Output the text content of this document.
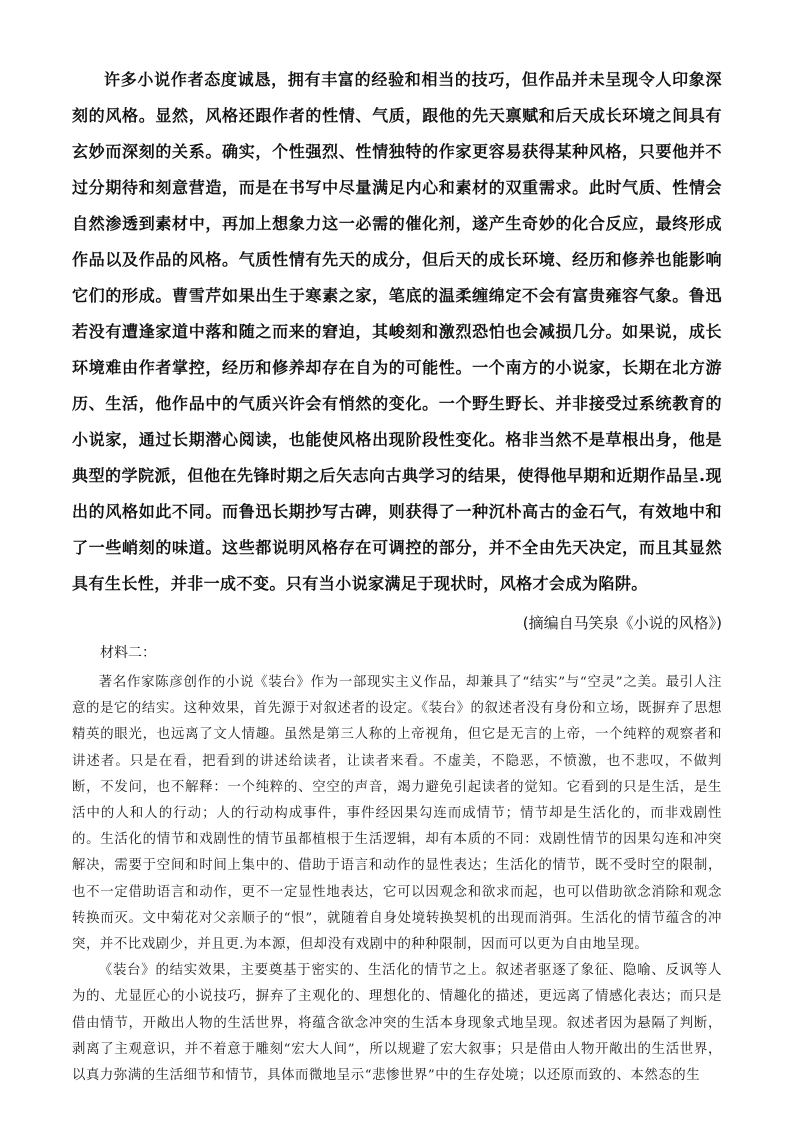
许多小说作者态度诚恳，拥有丰富的经验和相当的技巧，但作品并未呈现令人印象深刻的风格。显然，风格还跟作者的性情、气质，跟他的先天禀赋和后天成长环境之间具有玄妙而深刻的关系。确实，个性强烈、性情独特的作家更容易获得某种风格，只要他并不过分期待和刻意营造，而是在书写中尽量满足内心和素材的双重需求。此时气质、性情会自然渗透到素材中，再加上想象力这一必需的催化剂，遂产生奇妙的化合反应，最终形成作品以及作品的风格。气质性情有先天的成分，但后天的成长环境、经历和修养也能影响它们的形成。曹雪芹如果出生于寒素之家，笔底的温柔缠绵定不会有富贵雍容气象。鲁迅若没有遭逢家道中落和随之而来的窘迫，其峻刻和激烈恐怕也会减损几分。如果说，成长环境难由作者掌控，经历和修养却存在自为的可能性。一个南方的小说家，长期在北方游历、生活，他作品中的气质兴许会有悄然的变化。一个野生野长、并非接受过系统教育的小说家，通过长期潜心阅读，也能使风格出现阶段性变化。格非当然不是草根出身，他是典型的学院派，但他在先锋时期之后矢志向古典学习的结果，使得他早期和近期作品呈.现出的风格如此不同。而鲁迅长期抄写古碑，则获得了一种沉朴高古的金石气，有效地中和了一些峭刻的味道。这些都说明风格存在可调控的部分，并不全由先天决定，而且其显然具有生长性，并非一成不变。只有当小说家满足于现状时，风格才会成为陷阱。

(摘编自马笑泉《小说的风格》)

材料二：

著名作家陈彦创作的小说《装台》作为一部现实主义作品，却兼具了“结实”与“空灵”之美。最引人注意的是它的结实。这种效果，首先源于对叙述者的设定。《装台》的叙述者没有身份和立场，既摒弃了思想精英的眼光，也远离了文人情趣。虽然是第三人称的上帝视角，但它是无言的上帝，一个纯粹的观察者和讲述者。只是在看，把看到的讲述给读者，让读者来看。不虚美，不隐恶，不愤激，也不悲叹，不做判断，不发问，也不解释：一个纯粹的、空空的声音，竭力避免引起读者的觉知。它看到的只是生活，是生活中的人和人的行动；人的行动构成事件，事件经因果勾连而成情节；情节却是生活化的，而非戏剧性的。生活化的情节和戏剧性的情节虽都植根于生活逻辑，却有本质的不同：戏剧性情节的因果勾连和冲突解决，需要于空间和时间上集中的、借助于语言和动作的显性表达；生活化的情节，既不受时空的限制，也不一定借助语言和动作，更不一定显性地表达，它可以因观念和欲求而起，也可以借助欲念消除和观念转换而灭。文中菊花对父亲顺子的“恨”，就随着自身处境转换契机的出现而消弭。生活化的情节蕴含的冲突，并不比戏剧少，并且更.为本源，但却没有戏剧中的种种限制，因而可以更为自由地呈现。

《装台》的结实效果，主要奠基于密实的、生活化的情节之上。叙述者驱逐了象征、隐喻、反讽等人为的、尤显匠心的小说技巧，摒弃了主观化的、理想化的、情趣化的描述，更远离了情感化表达；而只是借由情节，开敞出人物的生活世界，将蕴含欲念冲突的生活本身现象式地呈现。叙述者因为悬隔了判断，剥离了主观意识，并不着意于雕刻“宏大人间”，所以规避了宏大叙事；只是借由人物开敞出的生活世界，以真力弥满的生活细节和情节，具体而微地呈示“悲惨世界”中的生存处境；以还原而致的、本然态的生
